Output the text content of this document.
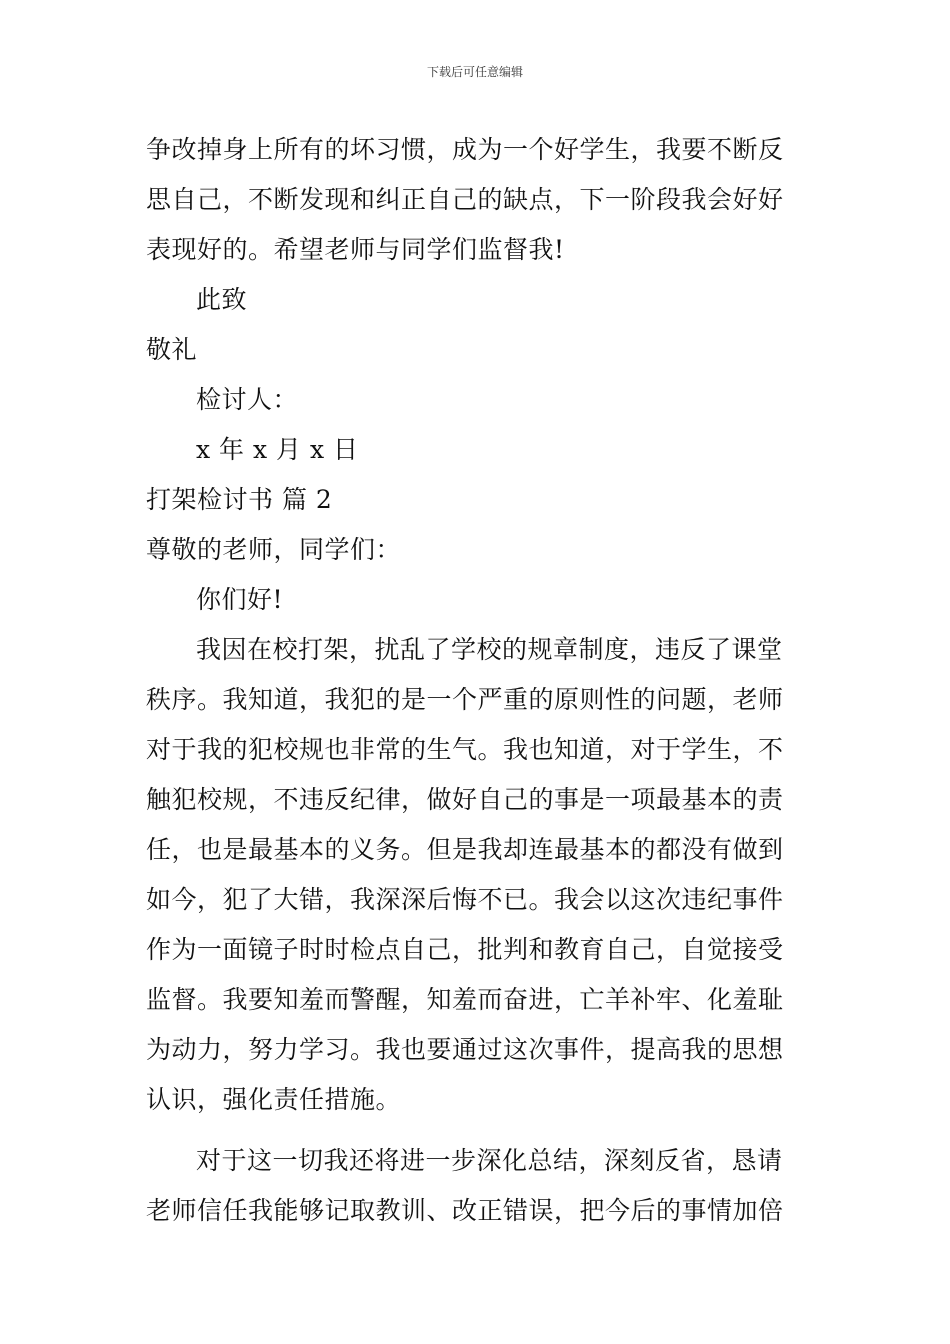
下载后可任意编辑
争改掉身上所有的坏习惯，成为一个好学生，我要不断反
思自己，不断发现和纠正自己的缺点，下一阶段我会好好
表现好的。希望老师与同学们监督我!
此致
敬礼
检讨人：
x 年 x 月 x 日
打架检讨书 篇 2
尊敬的老师，同学们：
你们好!
我因在校打架，扰乱了学校的规章制度，违反了课堂
秩序。我知道，我犯的是一个严重的原则性的问题，老师
对于我的犯校规也非常的生气。我也知道，对于学生，不
触犯校规，不违反纪律，做好自己的事是一项最基本的责
任，也是最基本的义务。但是我却连最基本的都没有做到
如今，犯了大错，我深深后悔不已。我会以这次违纪事件
作为一面镜子时时检点自己，批判和教育自己，自觉接受
监督。我要知羞而警醒，知羞而奋进，亡羊补牢、化羞耻
为动力，努力学习。我也要通过这次事件，提高我的思想
认识，强化责任措施。
对于这一切我还将进一步深化总结，深刻反省，恳请
老师信任我能够记取教训、改正错误，把今后的事情加倍
